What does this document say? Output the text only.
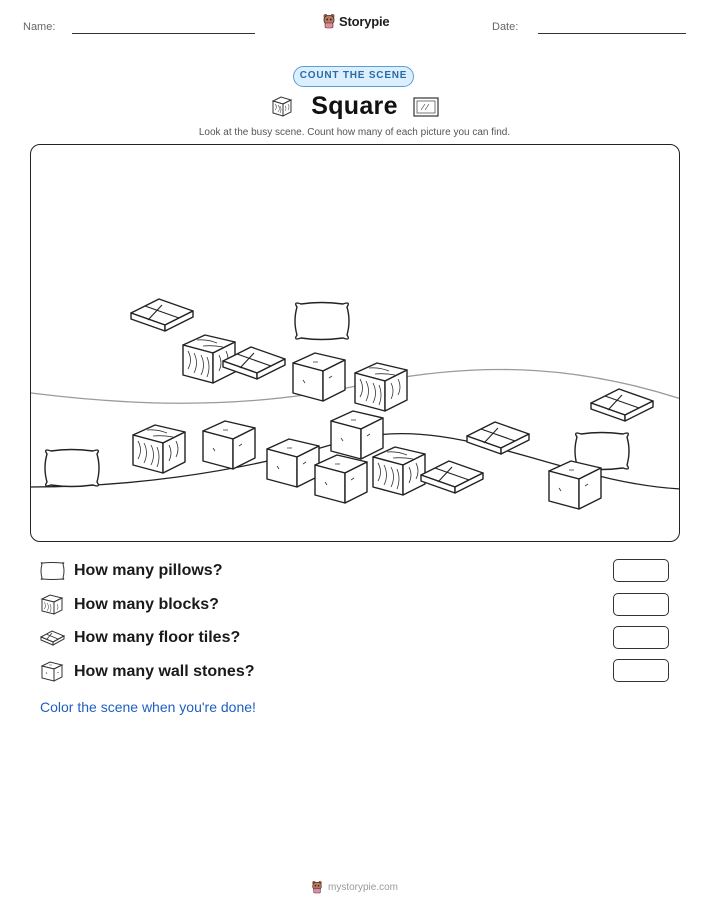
Name:	Storypie	Date:
COUNT THE SCENE
Square
Look at the busy scene. Count how many of each picture you can find.
How many pillows?
How many blocks?
How many floor tiles?
How many wall stones?
Color the scene when you're done!
mystorypie.com
